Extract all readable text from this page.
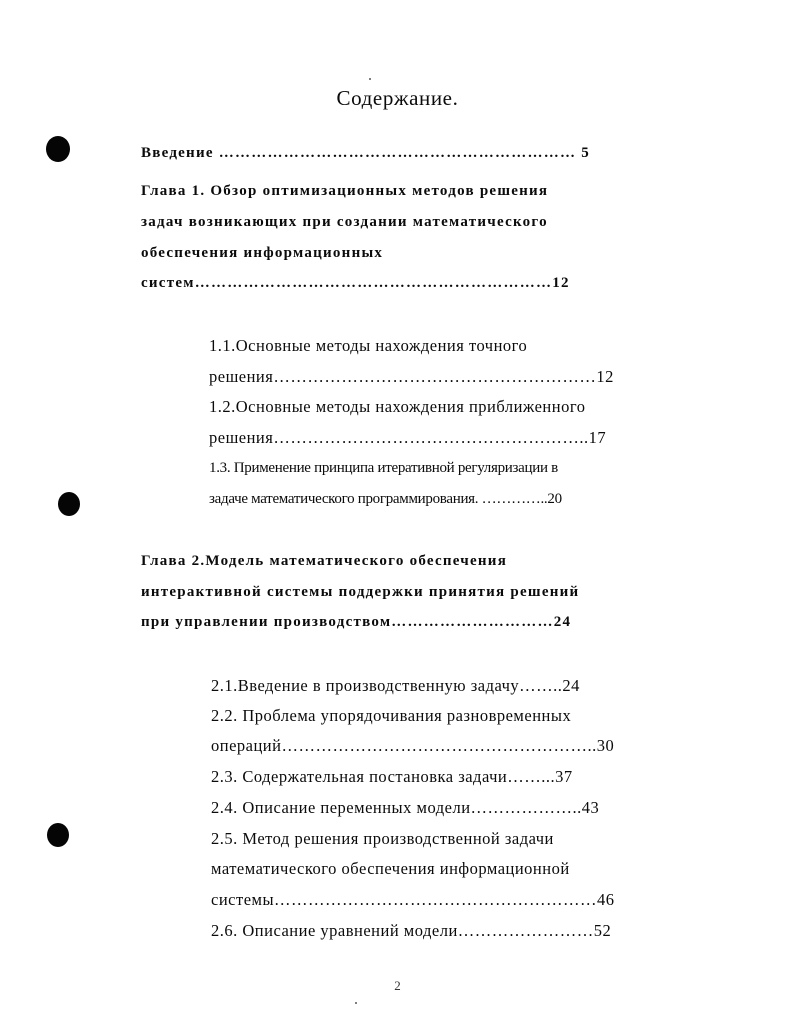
Содержание.
Введение ………………………………………………………… 5
Глава 1. Обзор оптимизационных методов решения
задач возникающих при создании математического
обеспечения информационных
систем…………………………………………………………12
1.1.Основные методы нахождения точного
решения…………………………………………………12
1.2.Основные методы нахождения приближенного
решения………………………………………………..17
1.3. Применение принципа итеративной регуляризации в
задаче математического программирования. …………..20
Глава 2.Модель математического обеспечения
интерактивной системы поддержки принятия решений
при управлении производством…………………………24
2.1.Введение в производственную задачу……..24
2.2. Проблема упорядочивания разновременных
операций………………………………………………..30
2.3. Содержательная постановка задачи……...37
2.4. Описание переменных модели………………..43
2.5. Метод решения производственной задачи
математического обеспечения информационной
системы…………………………………………………46
2.6. Описание уравнений модели……………………52
2
